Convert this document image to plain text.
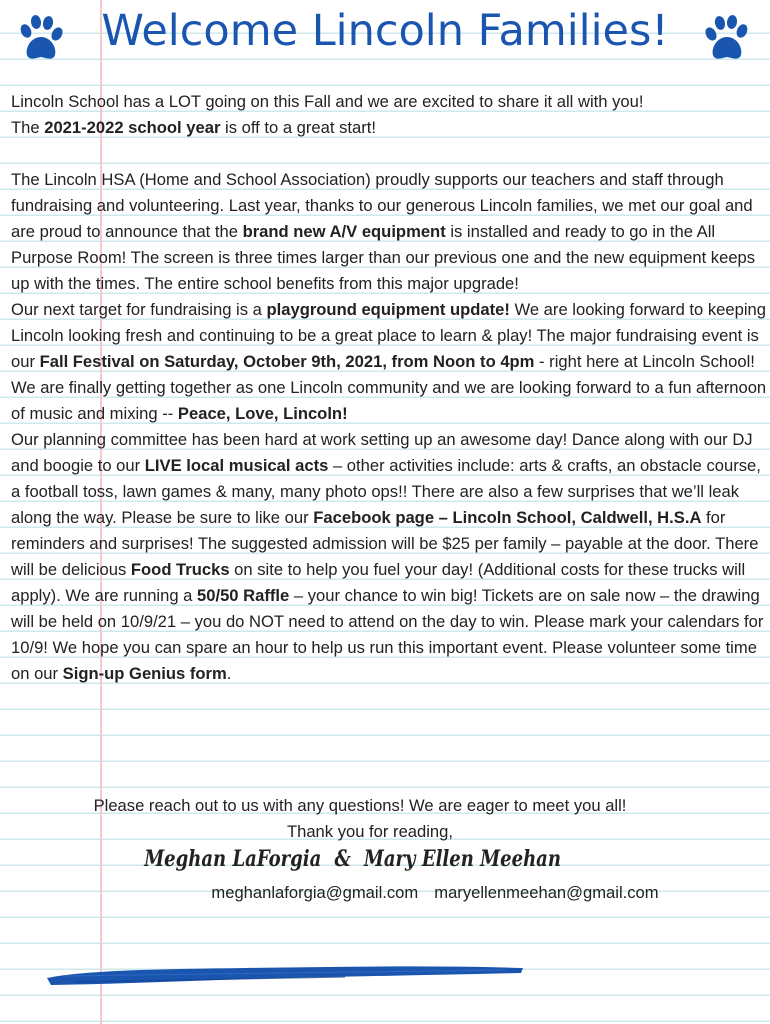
Welcome Lincoln Families!

Lincoln School has a LOT going on this Fall and we are excited to share it all with you!

The 2021-2022 school year is off to a great start!

The Lincoln HSA (Home and School Association) proudly supports our teachers and staff through fundraising and volunteering. Last year, thanks to our generous Lincoln families, we met our goal and are proud to announce that the brand new A/V equipment is installed and ready to go in the All Purpose Room! The screen is three times larger than our previous one and the new equipment keeps up with the times. The entire school benefits from this major upgrade!

Our next target for fundraising is a playground equipment update! We are looking forward to keeping Lincoln looking fresh and continuing to be a great place to learn & play! The major fundraising event is our Fall Festival on Saturday, October 9th, 2021, from Noon to 4pm - right here at Lincoln School! We are finally getting together as one Lincoln community and we are looking forward to a fun afternoon of music and mixing -- Peace, Love, Lincoln!

Our planning committee has been hard at work setting up an awesome day! Dance along with our DJ and boogie to our LIVE local musical acts – other activities include: arts & crafts, an obstacle course, a football toss, lawn games & many, many photo ops!! There are also a few surprises that we’ll leak along the way. Please be sure to like our Facebook page – Lincoln School, Caldwell, H.S.A for reminders and surprises! The suggested admission will be $25 per family – payable at the door. There will be delicious Food Trucks on site to help you fuel your day! (Additional costs for these trucks will apply). We are running a 50/50 Raffle – your chance to win big! Tickets are on sale now – the drawing will be held on 10/9/21 – you do NOT need to attend on the day to win. Please mark your calendars for 10/9! We hope you can spare an hour to help us run this important event. Please volunteer some time on our Sign-up Genius form.

Please reach out to us with any questions! We are eager to meet you all!

Thank you for reading,

Meghan LaForgia & Mary Ellen Meehan
meghanlaforgia@gmail.com maryellenmeehan@gmail.com
